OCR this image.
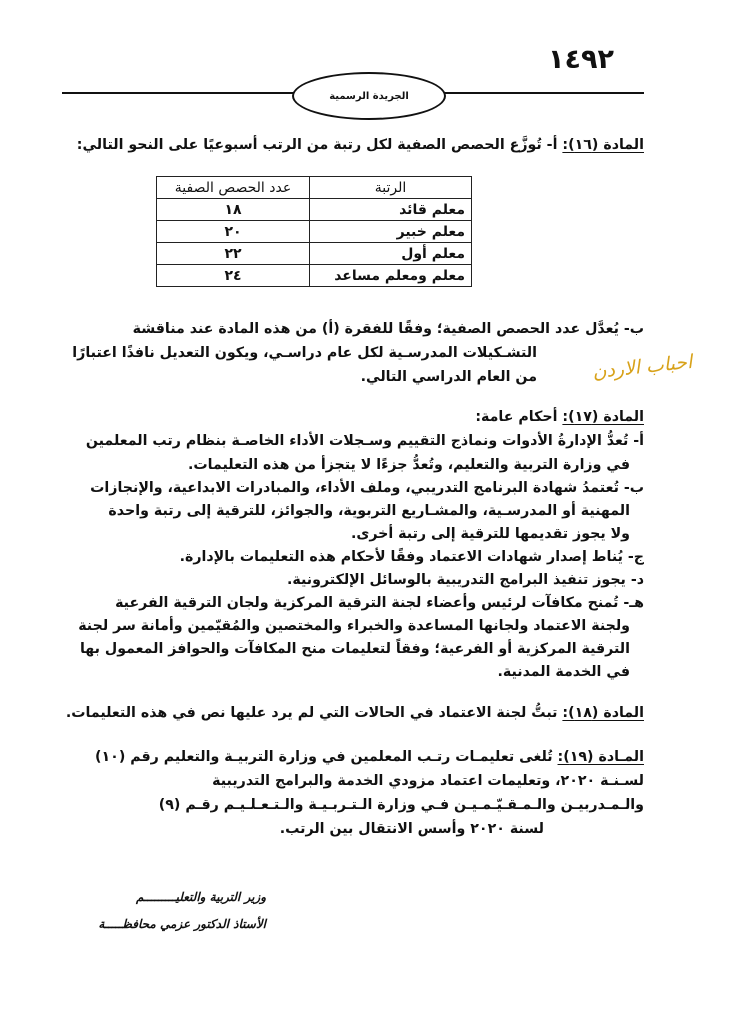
١٤٩٢
الجريدة الرسمية
المادة (١٦): أ- تُوزَّع الحصص الصفية لكل رتبة من الرتب أسبوعيًا على النحو التالي:
الرتبة	عدد الحصص الصفية
معلم قائد	١٨
معلم خبير	٢٠
معلم أول	٢٢
معلم ومعلم مساعد	٢٤
ب- يُعدَّل عدد الحصص الصفية؛ وفقًا للفقرة (أ) من هذه المادة عند مناقشة
التشـكيلات المدرسـية لكل عام دراسـي، ويكون التعديل نافذًا اعتبارًا
من العام الدراسي التالي.	احباب الاردن
المادة (١٧): أحكام عامة:
أ- تُعدُّ الإدارةُ الأدوات ونماذج التقييم وسـجلات الأداء الخاصـة بنظام رتب المعلمين
في وزارة التربية والتعليم، وتُعدُّ جزءًا لا يتجزأ من هذه التعليمات.
ب- تُعتمدُ شهادة البرنامج التدريبي، وملف الأداء، والمبادرات الابداعية، والإنجازات
المهنية أو المدرسـية، والمشـاريع التربوية، والجوائز، للترقية إلى رتبة واحدة
ولا يجوز تقديمها للترقية إلى رتبة أخرى.
ج- يُناط إصدار شهادات الاعتماد وفقًا لأحكام هذه التعليمات بالإدارة.
د- يجوز تنفيذ البرامج التدريبية بالوسائل الإلكترونية.
هـ- تُمنح مكافآت لرئيس وأعضاء لجنة الترقية المركزية ولجان الترقية الفرعية
ولجنة الاعتماد ولجانها المساعدة والخبراء والمختصين والمُقيّمين وأمانة سر لجنة
الترقية المركزية أو الفرعية؛ وفقاً لتعليمات منح المكافآت والحوافز المعمول بها
في الخدمة المدنية.
المادة (١٨): تبتُّ لجنة الاعتماد في الحالات التي لم يرد عليها نص في هذه التعليمات.
المـادة (١٩): تُلغى تعليمـات رتـب المعلمين في وزارة التربيـة والتعليم رقم (١٠)
لسـنـة ٢٠٢٠، وتعليمات اعتماد مزودي الخدمة والبرامج التدريبية
والـمـدربيـن والـمـقـيّـمـيـن فـي وزارة الـتـربـيـة والـتـعـلـيـم رقـم (٩)
لسنة ٢٠٢٠ وأسس الانتقال بين الرتب.
وزير التربية والتعليـــــــــم
الأستاذ الدكتور عزمي محافظـــــة
